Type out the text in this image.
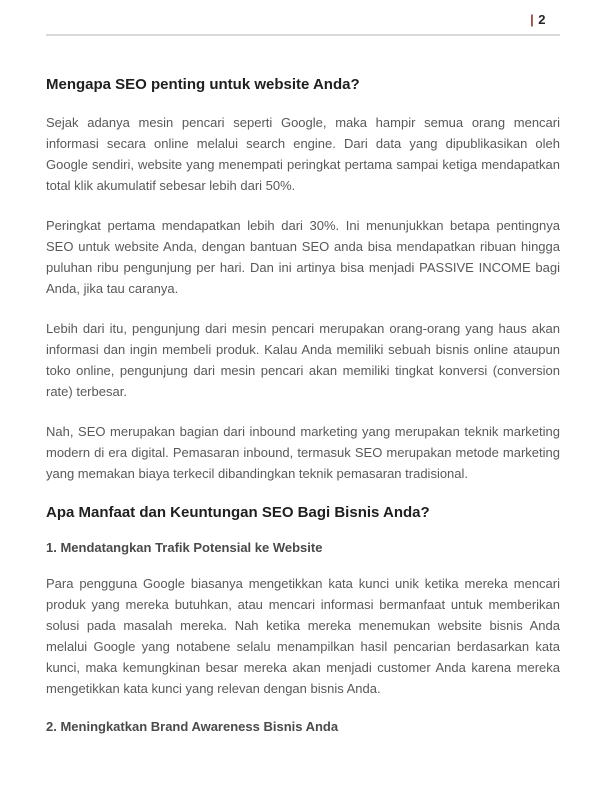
| 2
Mengapa SEO penting untuk website Anda?

Sejak adanya mesin pencari seperti Google, maka hampir semua orang mencari informasi secara online melalui search engine. Dari data yang dipublikasikan oleh Google sendiri, website yang menempati peringkat pertama sampai ketiga mendapatkan total klik akumulatif sebesar lebih dari 50%.

Peringkat pertama mendapatkan lebih dari 30%. Ini menunjukkan betapa pentingnya SEO untuk website Anda, dengan bantuan SEO anda bisa mendapatkan ribuan hingga puluhan ribu pengunjung per hari. Dan ini artinya bisa menjadi PASSIVE INCOME bagi Anda, jika tau caranya.

Lebih dari itu, pengunjung dari mesin pencari merupakan orang-orang yang haus akan informasi dan ingin membeli produk. Kalau Anda memiliki sebuah bisnis online ataupun toko online, pengunjung dari mesin pencari akan memiliki tingkat konversi (conversion rate) terbesar.

Nah, SEO merupakan bagian dari inbound marketing yang merupakan teknik marketing modern di era digital. Pemasaran inbound, termasuk SEO merupakan metode marketing yang memakan biaya terkecil dibandingkan teknik pemasaran tradisional.

Apa Manfaat dan Keuntungan SEO Bagi Bisnis Anda?
1. Mendatangkan Trafik Potensial ke Website

Para pengguna Google biasanya mengetikkan kata kunci unik ketika mereka mencari produk yang mereka butuhkan, atau mencari informasi bermanfaat untuk memberikan solusi pada masalah mereka. Nah ketika mereka menemukan website bisnis Anda melalui Google yang notabene selalu menampilkan hasil pencarian berdasarkan kata kunci, maka kemungkinan besar mereka akan menjadi customer Anda karena mereka mengetikkan kata kunci yang relevan dengan bisnis Anda.

2. Meningkatkan Brand Awareness Bisnis Anda
